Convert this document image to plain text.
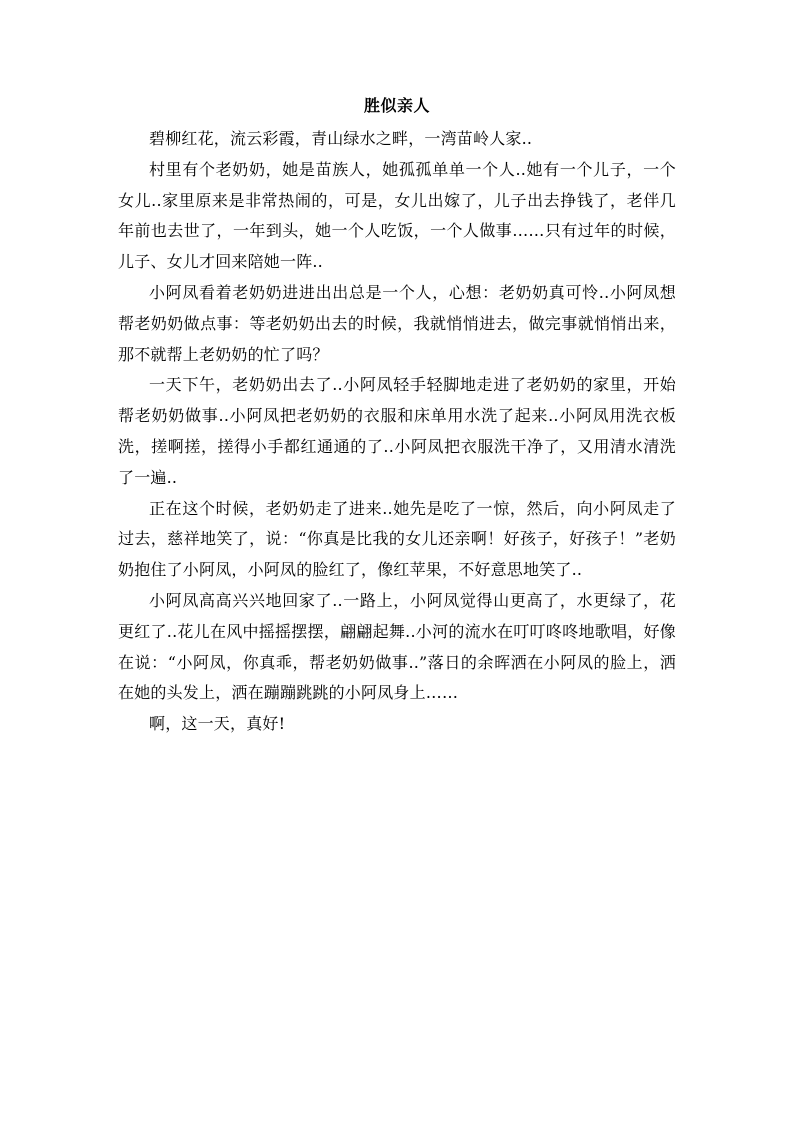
胜似亲人

碧柳红花，流云彩霞，青山绿水之畔，一湾苗岭人家..

村里有个老奶奶，她是苗族人，她孤孤单单一个人..她有一个儿子，一个女儿..家里原来是非常热闹的，可是，女儿出嫁了，儿子出去挣钱了，老伴几年前也去世了，一年到头，她一个人吃饭，一个人做事……只有过年的时候，儿子、女儿才回来陪她一阵..

小阿凤看着老奶奶进进出出总是一个人，心想：老奶奶真可怜..小阿凤想帮老奶奶做点事：等老奶奶出去的时候，我就悄悄进去，做完事就悄悄出来，那不就帮上老奶奶的忙了吗？

一天下午，老奶奶出去了..小阿凤轻手轻脚地走进了老奶奶的家里，开始帮老奶奶做事..小阿凤把老奶奶的衣服和床单用水洗了起来..小阿凤用洗衣板洗，搓啊搓，搓得小手都红通通的了..小阿凤把衣服洗干净了，又用清水清洗了一遍..

正在这个时候，老奶奶走了进来..她先是吃了一惊，然后，向小阿凤走了过去，慈祥地笑了，说：“你真是比我的女儿还亲啊！好孩子，好孩子！”老奶奶抱住了小阿凤，小阿凤的脸红了，像红苹果，不好意思地笑了..

小阿凤高高兴兴地回家了..一路上，小阿凤觉得山更高了，水更绿了，花更红了..花儿在风中摇摇摆摆，翩翩起舞..小河的流水在叮叮咚咚地歌唱，好像在说：“小阿凤，你真乖，帮老奶奶做事..”落日的余晖洒在小阿凤的脸上，洒在她的头发上，洒在蹦蹦跳跳的小阿凤身上……

啊，这一天，真好!
